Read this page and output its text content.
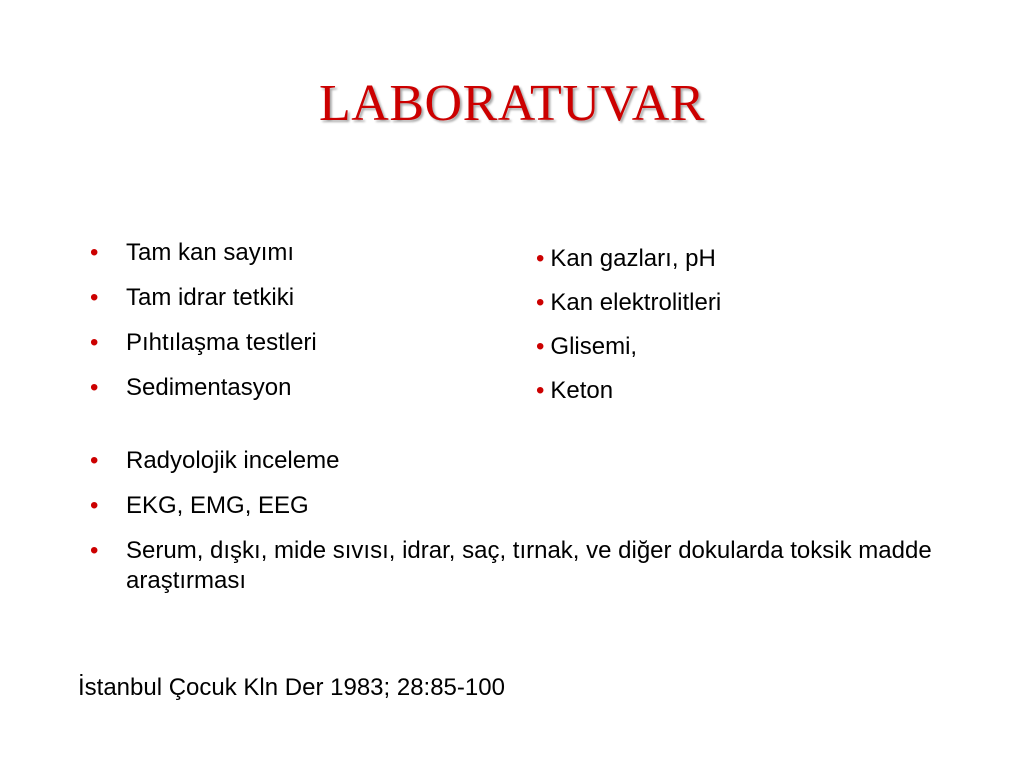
LABORATUVAR
• Tam kan sayımı
• Tam idrar tetkiki
• Pıhtılaşma testleri
• Sedimentasyon
• Kan gazları, pH
• Kan elektrolitleri
• Glisemi,
• Keton
• Radyolojik inceleme
• EKG, EMG, EEG
• Serum, dışkı, mide sıvısı, idrar, saç, tırnak, ve diğer dokularda toksik madde araştırması
İstanbul Çocuk Kln Der 1983; 28:85-100
